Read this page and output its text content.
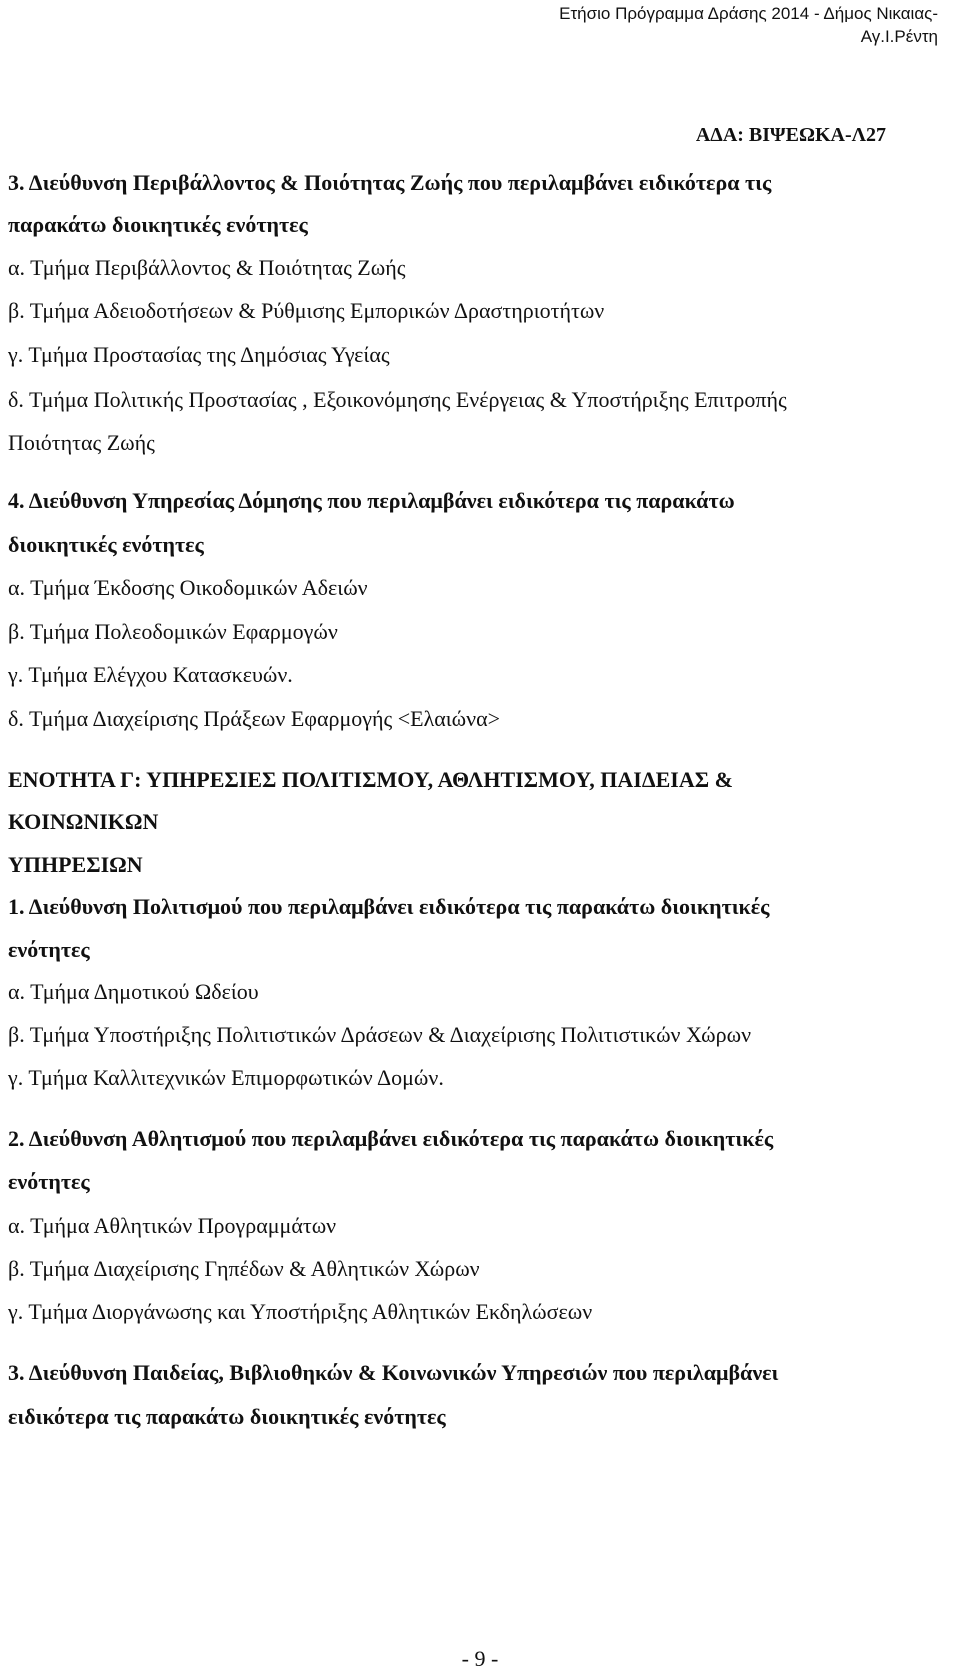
Ετήσιο Πρόγραμμα Δράσης 2014 - Δήμος Νικαιας-
Αγ.Ι.Ρέντη
ΑΔΑ: ΒΙΨΕΩΚΑ-Λ27
3. Διεύθυνση Περιβάλλοντος & Ποιότητας Ζωής που περιλαμβάνει ειδικότερα τις
παρακάτω διοικητικές ενότητες
α. Τμήμα Περιβάλλοντος & Ποιότητας Ζωής
β. Τμήμα Αδειοδοτήσεων & Ρύθμισης Εμπορικών Δραστηριοτήτων
γ. Τμήμα Προστασίας της Δημόσιας Υγείας
δ. Τμήμα Πολιτικής Προστασίας , Εξοικονόμησης Ενέργειας & Υποστήριξης Επιτροπής
Ποιότητας Ζωής
4. Διεύθυνση Υπηρεσίας Δόμησης που περιλαμβάνει ειδικότερα τις παρακάτω
διοικητικές ενότητες
α. Τμήμα Έκδοσης Οικοδομικών Αδειών
β. Τμήμα Πολεοδομικών Εφαρμογών
γ. Τμήμα Ελέγχου Κατασκευών.
δ. Τμήμα Διαχείρισης Πράξεων Εφαρμογής <Ελαιώνα>
ΕΝΟΤΗΤΑ Γ: ΥΠΗΡΕΣΙΕΣ ΠΟΛΙΤΙΣΜΟΥ, ΑΘΛΗΤΙΣΜΟΥ, ΠΑΙΔΕΙΑΣ &
ΚΟΙΝΩΝΙΚΩΝ
ΥΠΗΡΕΣΙΩΝ
1. Διεύθυνση Πολιτισμού που περιλαμβάνει ειδικότερα τις παρακάτω διοικητικές
ενότητες
α. Τμήμα Δημοτικού Ωδείου
β. Τμήμα Υποστήριξης Πολιτιστικών Δράσεων & Διαχείρισης Πολιτιστικών Χώρων
γ. Τμήμα Καλλιτεχνικών Επιμορφωτικών Δομών.
2. Διεύθυνση Αθλητισμού που περιλαμβάνει ειδικότερα τις παρακάτω διοικητικές
ενότητες
α. Τμήμα Αθλητικών Προγραμμάτων
β. Τμήμα Διαχείρισης Γηπέδων & Αθλητικών Χώρων
γ. Τμήμα Διοργάνωσης και Υποστήριξης Αθλητικών Εκδηλώσεων
3. Διεύθυνση Παιδείας, Βιβλιοθηκών & Κοινωνικών Υπηρεσιών που περιλαμβάνει
ειδικότερα τις παρακάτω διοικητικές ενότητες
- 9 -
